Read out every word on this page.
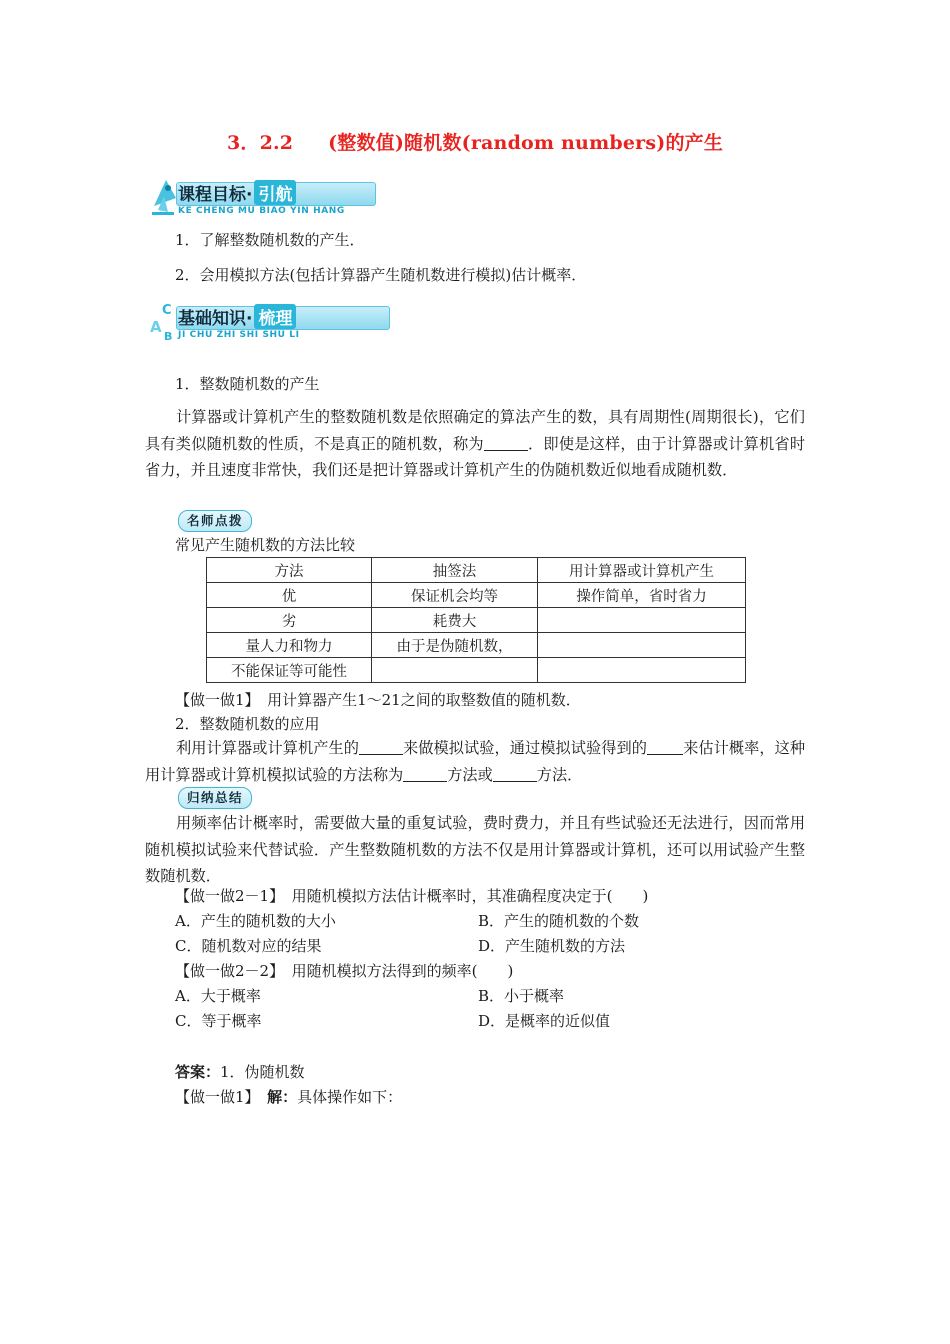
3．2.2 (整数值)随机数(random numbers)的产生
课程目标· 引航
KE CHENG MU BIAO YIN HANG
1．了解整数随机数的产生．
2．会用模拟方法(包括计算器产生随机数进行模拟)估计概率．
C
A
B
基础知识· 梳理
JI CHU ZHI SHI SHU LI
1．整数随机数的产生
计算器或计算机产生的整数随机数是依照确定的算法产生的数，具有周期性(周期很长)，它们具有类似随机数的性质，不是真正的随机数，称为	．即使是这样，由于计算器或计算机省时省力，并且速度非常快，我们还是把计算器或计算机产生的伪随机数近似地看成随机数．
名师点拨
常见产生随机数的方法比较
方法	抽签法	用计算器或计算机产生
优	保证机会均等	操作简单，省时省力
劣	耗费大	
量人力和物力	由于是伪随机数，	
不能保证等可能性		
【做一做1】　 用计算器产生1～21之间的取整数值的随机数．
2．整数随机数的应用
利用计算器或计算机产生的	来做模拟试验，通过模拟试验得到的 来估计概率，这种用计算器或计算机模拟试验的方法称为	方法或	方法．
归纳总结
用频率估计概率时，需要做大量的重复试验，费时费力，并且有些试验还无法进行，因而常用随机模拟试验来代替试验．产生整数随机数的方法不仅是用计算器或计算机，还可以用试验产生整数随机数．
【做一做2－1】　 用随机模拟方法估计概率时，其准确程度决定于(　　)
A．产生的随机数的大小	B．产生的随机数的个数
C．随机数对应的结果	D．产生随机数的方法
【做一做2－2】　 用随机模拟方法得到的频率(　　)
A．大于概率	B．小于概率
C．等于概率	D．是概率的近似值
答案：1．伪随机数
【做一做1】　 解：具体操作如下：
